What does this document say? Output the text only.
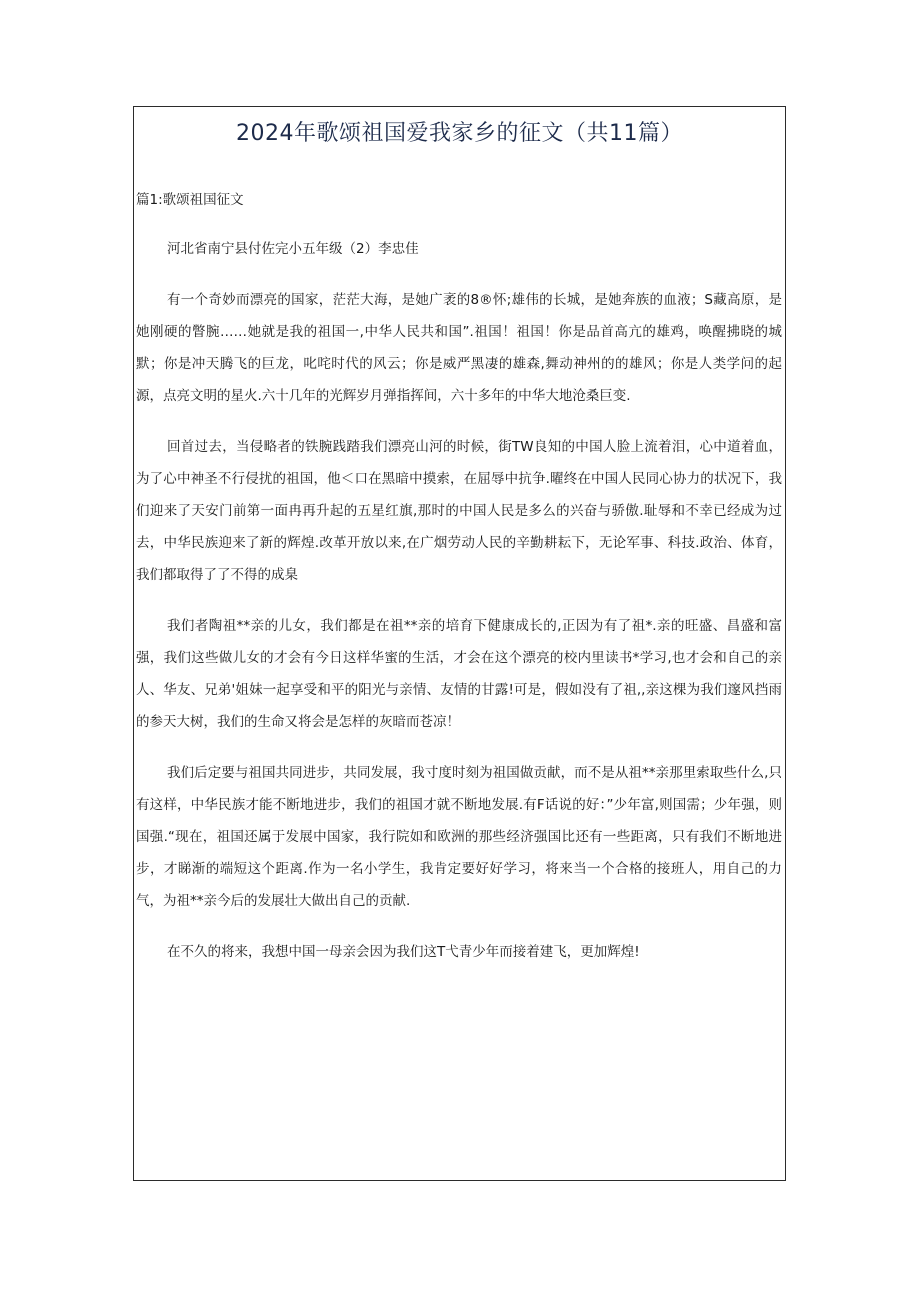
2024年歌颂祖国爱我家乡的征文（共11篇）
篇1:歌颂祖国征文

河北省南宁县付佐完小五年级（2）李忠佳

有一个奇妙而漂亮的国家，茫茫大海，是她广袤的8®怀;雄伟的长城，是她奔族的血液；S藏高原，是她刚硬的瞥腕……她就是我的祖国一,中华人民共和国”.祖国！祖国！你是品首高亢的雄鸡，唤醒拂晓的城默；你是冲天腾飞的巨龙，叱咤时代的风云；你是威严黑凄的雄森,舞动神州的的雄风；你是人类学问的起源，点亮文明的星火.六十几年的光辉岁月弹指挥间，六十多年的中华大地沧桑巨变.

回首过去，当侵略者的铁腕践踏我们漂亮山河的时候，街TW良知的中国人脸上流着泪，心中道着血，为了心中神圣不行侵扰的祖国，他＜口在黑暗中摸索，在屈辱中抗争.曜终在中国人民同心协力的状况下，我们迎来了天安门前第一面冉再升起的五星红旗,那时的中国人民是多么的兴奋与骄傲.耻辱和不幸已经成为过去，中华民族迎来了新的辉煌.改革开放以来,在广烟劳动人民的辛勤耕耘下，无论军事、科技.政治、体育，我们都取得了了不得的成臬

我们者陶祖**亲的儿女，我们都是在祖**亲的培育下健康成长的,正因为有了祖*.亲的旺盛、昌盛和富强，我们这些做儿女的才会有今日这样华蜜的生活，才会在这个漂亮的校内里读书*学习,也才会和自己的亲人、华友、兄弟'姐妹一起享受和平的阳光与亲情、友情的甘露!可是，假如没有了祖,,亲这棵为我们邃风挡雨的参天大树，我们的生命又将会是怎样的灰暗而苍凉！

我们后定要与祖国共同进步，共同发展，我寸度时刻为祖国做贡献，而不是从祖**亲那里索取些什么,只有这样，中华民族才能不断地进步，我们的祖国才就不断地发展.有F话说的好：”少年富,则国需；少年强，则国强.“现在，祖国还属于发展中国家，我行院如和欧洲的那些经济强国比还有一些距离，只有我们不断地进步，才睇渐的端短这个距离.作为一名小学生，我肯定要好好学习，将来当一个合格的接班人，用自己的力气，为祖**亲今后的发展壮大做出自己的贡献.

在不久的将来，我想中国一母亲会因为我们这T弋青少年而接着建飞，更加辉煌!
